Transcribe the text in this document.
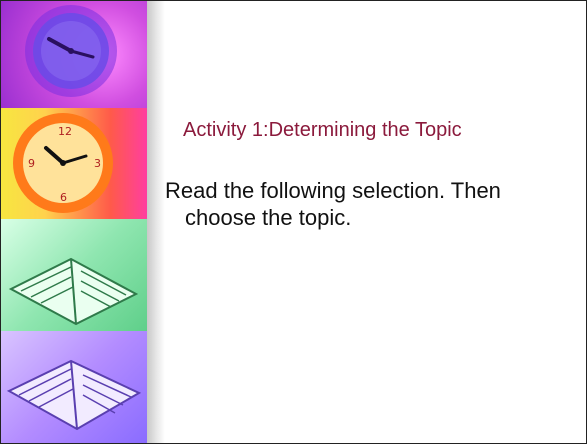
12
3
6
9
Activity 1:Determining the Topic
Read the following selection. Then
choose the topic.
